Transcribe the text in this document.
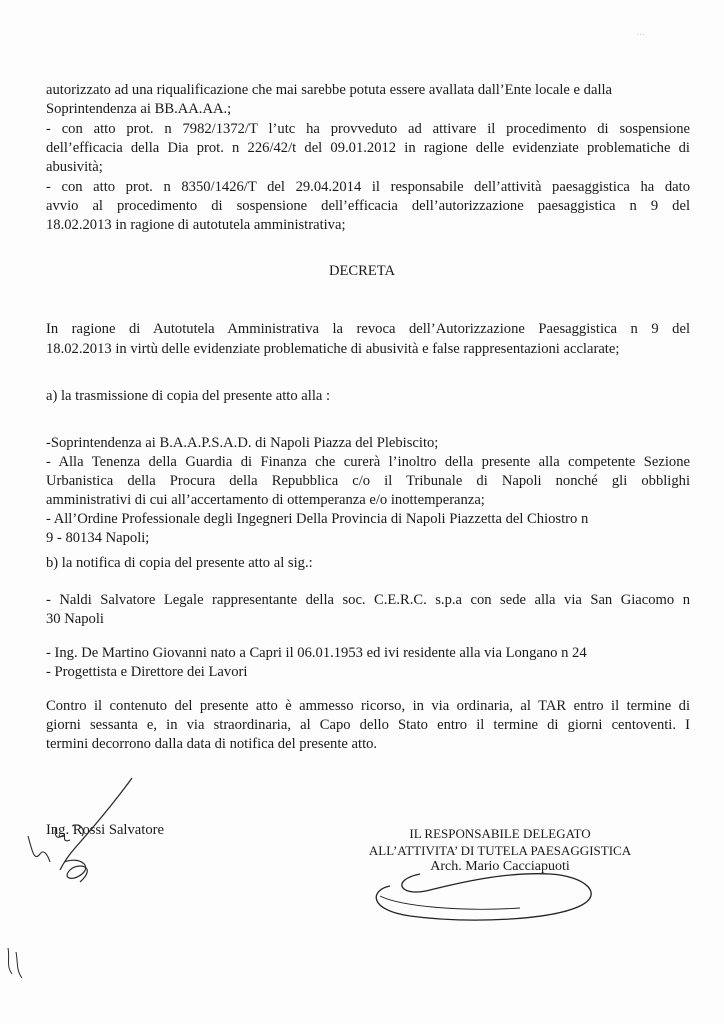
…
autorizzato ad una riqualificazione che mai sarebbe potuta essere avallata dall’Ente locale e dalla
Soprintendenza ai BB.AA.AA.;
- con atto prot. n 7982/1372/T l’utc ha provveduto ad attivare il procedimento di sospensione
dell’efficacia della Dia prot. n 226/42/t del 09.01.2012 in ragione delle evidenziate problematiche di
abusività;
- con atto prot. n 8350/1426/T del 29.04.2014 il responsabile dell’attività paesaggistica ha dato
avvio al procedimento di sospensione dell’efficacia dell’autorizzazione paesaggistica n 9 del
18.02.2013 in ragione di autotutela amministrativa;
DECRETA
In ragione di Autotutela Amministrativa la revoca dell’Autorizzazione Paesaggistica n 9 del
18.02.2013 in virtù delle evidenziate problematiche di abusività e false rappresentazioni acclarate;
a) la trasmissione di copia del presente atto alla :
-Soprintendenza ai B.A.A.P.S.A.D. di Napoli Piazza del Plebiscito;
- Alla Tenenza della Guardia di Finanza che curerà l’inoltro della presente alla competente Sezione
Urbanistica della Procura della Repubblica c/o il Tribunale di Napoli nonché gli obblighi
amministrativi di cui all’accertamento di ottemperanza e/o inottemperanza;
- All’Ordine Professionale degli Ingegneri Della Provincia di Napoli Piazzetta del Chiostro n
9 - 80134 Napoli;
b) la notifica di copia del presente atto al sig.:
- Naldi Salvatore Legale rappresentante della soc. C.E.R.C. s.p.a con sede alla via San Giacomo n
30 Napoli
- Ing. De Martino Giovanni nato a Capri il 06.01.1953 ed ivi residente alla via Longano n 24
- Progettista e Direttore dei Lavori
Contro il contenuto del presente atto è ammesso ricorso, in via ordinaria, al TAR entro il termine di
giorni sessanta e, in via straordinaria, al Capo dello Stato entro il termine di giorni centoventi. I
termini decorrono dalla data di notifica del presente atto.
Ing. Rossi Salvatore	IL RESPONSABILE DELEGATO
ALL’ATTIVITA’ DI TUTELA PAESAGGISTICA
Arch. Mario Cacciapuoti
